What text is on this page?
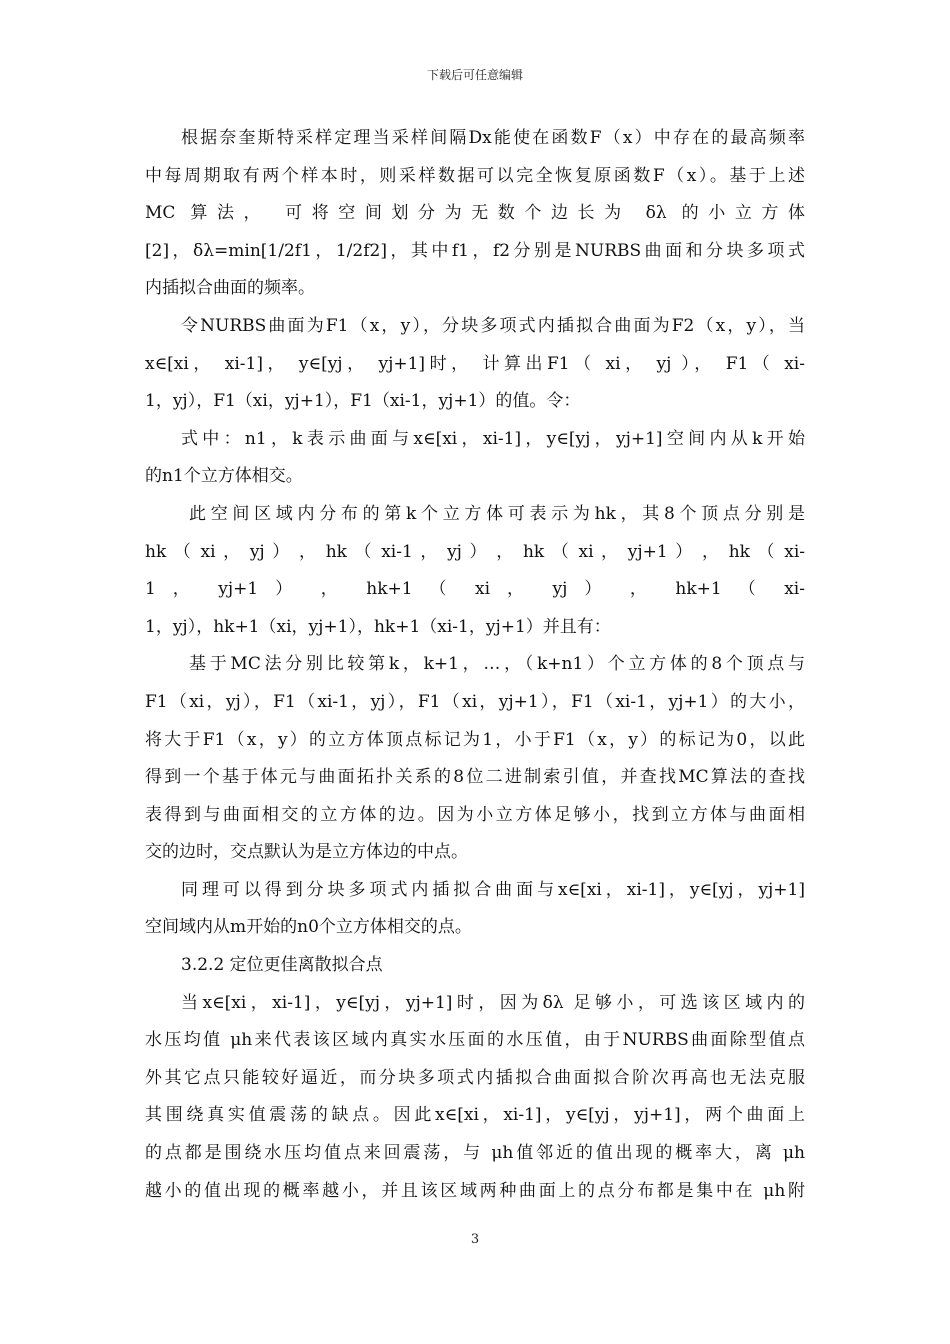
下载后可任意编辑
根据奈奎斯特采样定理当采样间隔Dx能使在函数F（x）中存在的最高频率
中每周期取有两个样本时，则采样数据可以完全恢复原函数F（x）。基于上述
MC 算法， 可将空间划分为无数个边长为 δλ 的小立方体
[2]，δλ=min[1/2f1，1/2f2]，其中f1，f2分别是NURBS曲面和分块多项式
内插拟合曲面的频率。
令NURBS曲面为F1（x，y），分块多项式内插拟合曲面为F2（x，y），当
x∈[xi， xi-1]， y∈[yj， yj+1]时， 计算出F1（ xi， yj ）， F1（ xi-
1，yj），F1（xi，yj+1），F1（xi-1，yj+1）的值。令：
式中：n1，k表示曲面与x∈[xi，xi-1]，y∈[yj，yj+1]空间内从k开始
的n1个立方体相交。
此空间区域内分布的第k个立方体可表示为hk，其8个顶点分别是
hk （ xi ， yj ） ， hk （ xi-1 ， yj ） ， hk （ xi ， yj+1 ） ， hk （ xi-
1 ， yj+1 ） ， hk+1 （ xi ， yj ） ， hk+1 （ xi-
1，yj），hk+1（xi，yj+1），hk+1（xi-1，yj+1）并且有：
基于MC法分别比较第k，k+1，…，（k+n1）个立方体的8个顶点与
F1（xi，yj），F1（xi-1，yj），F1（xi，yj+1），F1（xi-1，yj+1）的大小，
将大于F1（x，y）的立方体顶点标记为1，小于F1（x，y）的标记为0，以此
得到一个基于体元与曲面拓扑关系的8位二进制索引值，并查找MC算法的查找
表得到与曲面相交的立方体的边。因为小立方体足够小，找到立方体与曲面相
交的边时，交点默认为是立方体边的中点。
同理可以得到分块多项式内插拟合曲面与x∈[xi，xi-1]，y∈[yj，yj+1]
空间域内从m开始的n0个立方体相交的点。
3.2.2 定位更佳离散拟合点
当x∈[xi，xi-1]，y∈[yj，yj+1]时，因为δλ 足够小，可选该区域内的
水压均值 μh来代表该区域内真实水压面的水压值，由于NURBS曲面除型值点
外其它点只能较好逼近，而分块多项式内插拟合曲面拟合阶次再高也无法克服
其围绕真实值震荡的缺点。因此x∈[xi，xi-1]，y∈[yj，yj+1]，两个曲面上
的点都是围绕水压均值点来回震荡，与 μh值邻近的值出现的概率大，离 μh
越小的值出现的概率越小，并且该区域两种曲面上的点分布都是集中在 μh附
3
